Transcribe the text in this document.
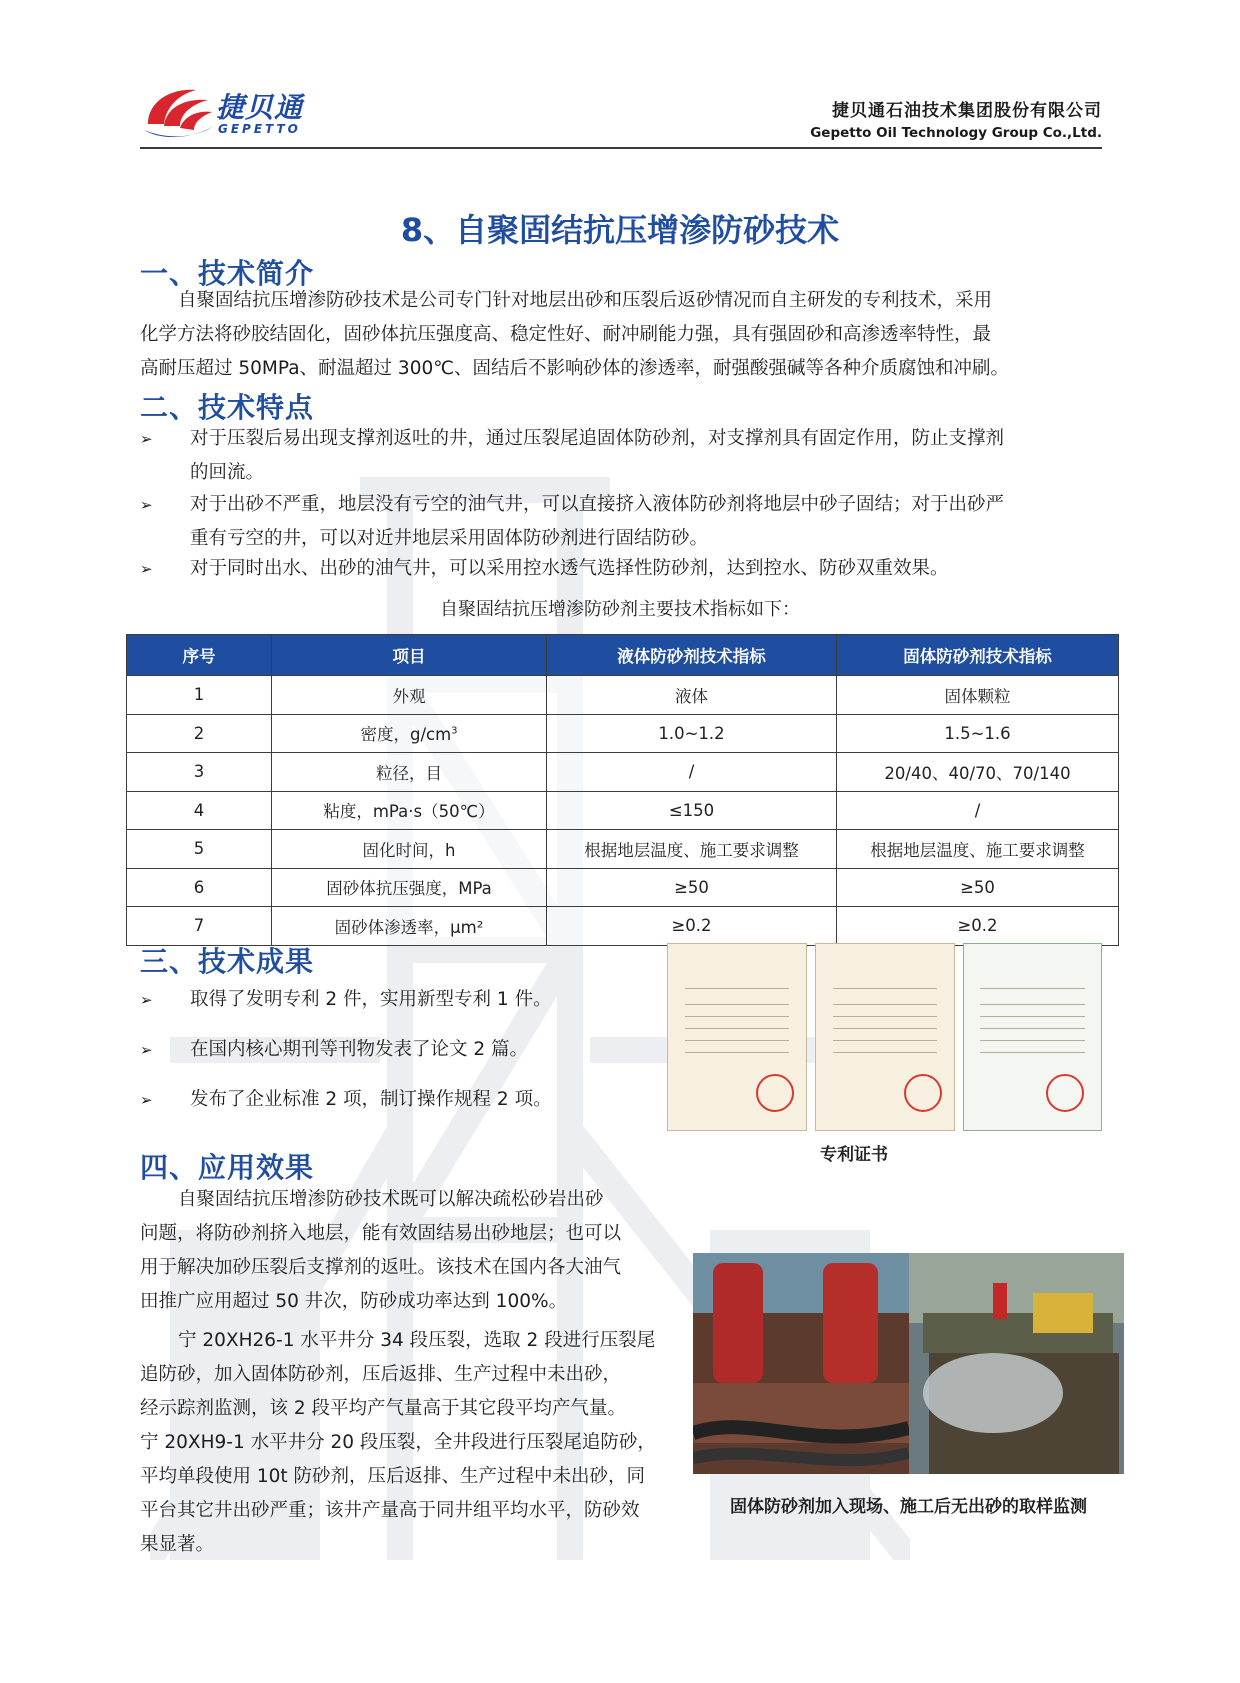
捷贝通
GEPETTO
捷贝通石油技术集团股份有限公司
Gepetto Oil Technology Group Co.,Ltd.
8、自聚固结抗压增渗防砂技术
一、技术简介
自聚固结抗压增渗防砂技术是公司专门针对地层出砂和压裂后返砂情况而自主研发的专利技术，采用
化学方法将砂胶结固化，固砂体抗压强度高、稳定性好、耐冲刷能力强，具有强固砂和高渗透率特性，最
高耐压超过 50MPa、耐温超过 300℃、固结后不影响砂体的渗透率，耐强酸强碱等各种介质腐蚀和冲刷。
二、技术特点
➢ 对于压裂后易出现支撑剂返吐的井，通过压裂尾追固体防砂剂，对支撑剂具有固定作用，防止支撑剂
的回流。
➢ 对于出砂不严重，地层没有亏空的油气井，可以直接挤入液体防砂剂将地层中砂子固结；对于出砂严
重有亏空的井，可以对近井地层采用固体防砂剂进行固结防砂。
➢ 对于同时出水、出砂的油气井，可以采用控水透气选择性防砂剂，达到控水、防砂双重效果。
自聚固结抗压增渗防砂剂主要技术指标如下：
序号	项目	液体防砂剂技术指标	固体防砂剂技术指标
1	外观	液体	固体颗粒
2	密度，$g/cm^3$	1.0~1.2	1.5~1.6
3	粒径，目	/	20/40、40/70、70/140
4	粘度，mPa·s（50℃）	≤150	/
5	固化时间，h	根据地层温度、施工要求调整	根据地层温度、施工要求调整
6	固砂体抗压强度，MPa	≥50	≥50
7	固砂体渗透率，μm²	≥0.2	≥0.2
三、技术成果
➢ 取得了发明专利 2 件，实用新型专利 1 件。
➢ 在国内核心期刊等刊物发表了论文 2 篇。
➢ 发布了企业标准 2 项，制订操作规程 2 项。
专利证书
四、应用效果
自聚固结抗压增渗防砂技术既可以解决疏松砂岩出砂
问题，将防砂剂挤入地层，能有效固结易出砂地层；也可以
用于解决加砂压裂后支撑剂的返吐。该技术在国内各大油气
田推广应用超过 50 井次，防砂成功率达到 100%。
宁 20XH26-1 水平井分 34 段压裂，选取 2 段进行压裂尾
追防砂，加入固体防砂剂，压后返排、生产过程中未出砂，
经示踪剂监测，该 2 段平均产气量高于其它段平均产气量。
宁 20XH9-1 水平井分 20 段压裂，全井段进行压裂尾追防砂，
平均单段使用 10t 防砂剂，压后返排、生产过程中未出砂，同
平台其它井出砂严重；该井产量高于同井组平均水平，防砂效
果显著。
固体防砂剂加入现场、施工后无出砂的取样监测
